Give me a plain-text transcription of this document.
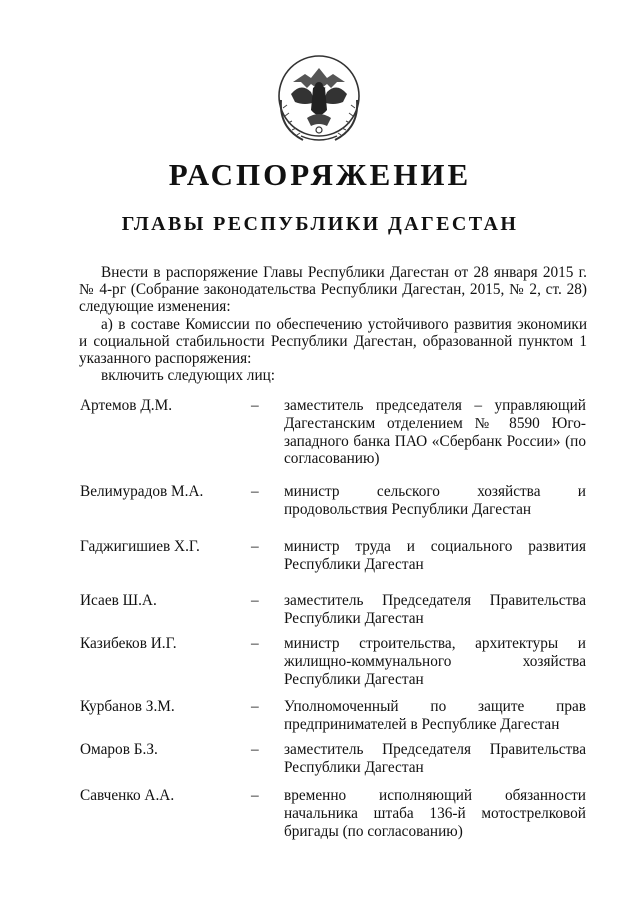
РАСПОРЯЖЕНИЕ
ГЛАВЫ РЕСПУБЛИКИ ДАГЕСТАН
Внести в распоряжение Главы Республики Дагестан от 28 января 2015 г. № 4-рг (Собрание законодательства Республики Дагестан, 2015, № 2, ст. 28) следующие изменения:
а) в составе Комиссии по обеспечению устойчивого развития экономики и социальной стабильности Республики Дагестан, образованной пунктом 1 указанного распоряжения:
включить следующих лиц:
Артемов Д.М.	– заместитель председателя – управляющий Дагестанским отделением № 8590 Юго-западного банка ПАО «Сбербанк России» (по согласованию)
Велимурадов М.А.	– министр сельского хозяйства и продовольствия Республики Дагестан
Гаджигишиев Х.Г.	– министр труда и социального развития Республики Дагестан
Исаев Ш.А.	– заместитель Председателя Правительства Республики Дагестан
Казибеков И.Г.	– министр строительства, архитектуры и жилищно-коммунального хозяйства Республики Дагестан
Курбанов З.М.	– Уполномоченный по защите прав предпринимателей в Республике Дагестан
Омаров Б.З.	– заместитель Председателя Правительства Республики Дагестан
Савченко А.А.	– временно исполняющий обязанности начальника штаба 136-й мотострелковой бригады (по согласованию)
